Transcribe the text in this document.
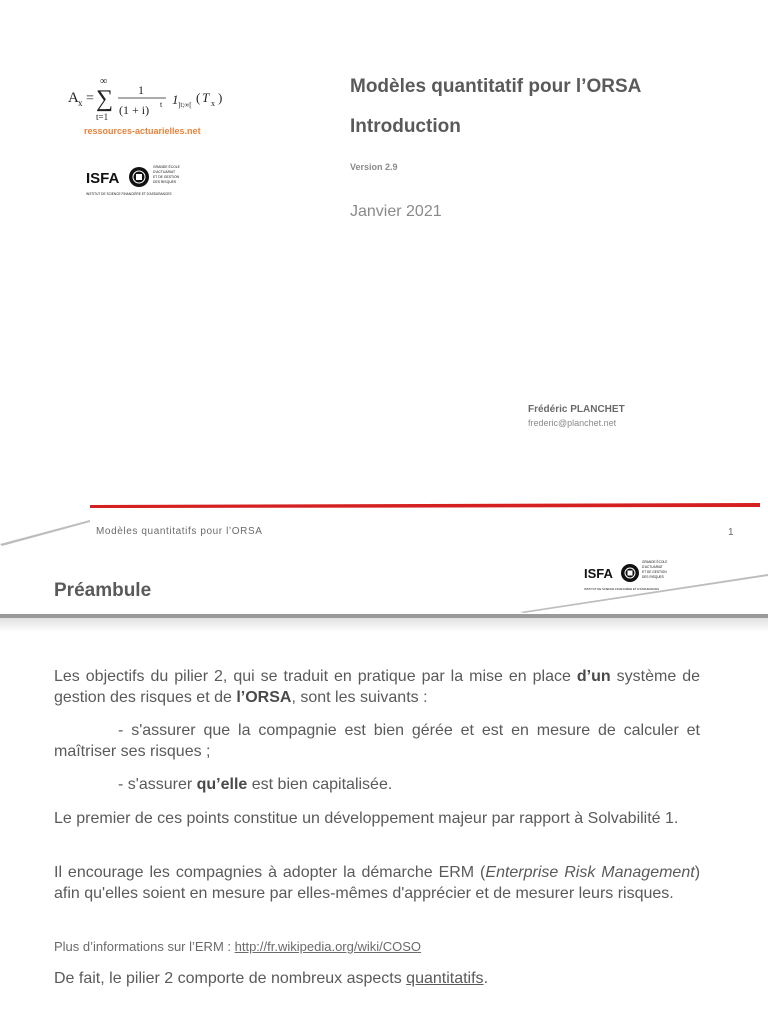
A x =
∞
∑
t=1
1
(1 + i) t 1 ]t;∞[ ( T x )
ressources-actuarielles.net
ISFA
GRANDE ÉCOLE
D'ACTUARIAT
ET DE GESTION
DES RISQUES
INSTITUT DE SCIENCE FINANCIÈRE ET D'ASSURANCES
Modèles quantitatif pour l’ORSA
Introduction
Version 2.9
Janvier 2021
Frédéric PLANCHET
frederic@planchet.net
Modèles quantitatifs pour l’ORSA	1
Préambule
ISFA
GRANDE ÉCOLE
D'ACTUARIAT
ET DE GESTION
DES RISQUES
INSTITUT DE SCIENCE FINANCIÈRE ET D'ASSURANCES
Les objectifs du pilier 2, qui se traduit en pratique par la mise en place d’un système de gestion des risques et de l’ORSA, sont les suivants :
- s'assurer que la compagnie est bien gérée et est en mesure de calculer et maîtriser ses risques ;
- s'assurer qu’elle est bien capitalisée.
Le premier de ces points constitue un développement majeur par rapport à Solvabilité 1.
Il encourage les compagnies à adopter la démarche ERM (Enterprise Risk Management) afin qu'elles soient en mesure par elles-mêmes d'apprécier et de mesurer leurs risques.
Plus d’informations sur l’ERM : http://fr.wikipedia.org/wiki/COSO
De fait, le pilier 2 comporte de nombreux aspects quantitatifs.
